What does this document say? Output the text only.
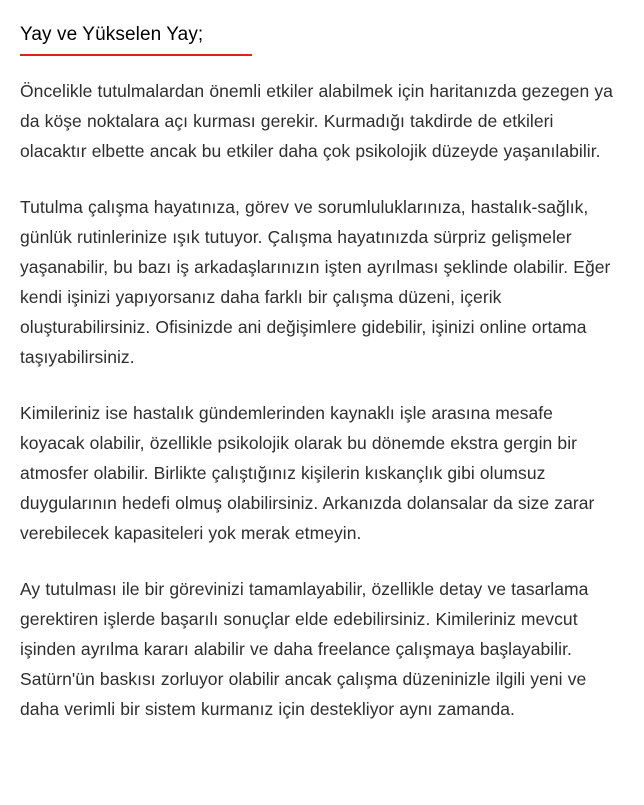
Yay ve Yükselen Yay;

Öncelikle tutulmalardan önemli etkiler alabilmek için haritanızda gezegen ya da köşe noktalara açı kurması gerekir. Kurmadığı takdirde de etkileri olacaktır elbette ancak bu etkiler daha çok psikolojik düzeyde yaşanılabilir.

Tutulma çalışma hayatınıza, görev ve sorumluluklarınıza, hastalık-sağlık, günlük rutinlerinize ışık tutuyor. Çalışma hayatınızda sürpriz gelişmeler yaşanabilir, bu bazı iş arkadaşlarınızın işten ayrılması şeklinde olabilir. Eğer kendi işinizi yapıyorsanız daha farklı bir çalışma düzeni, içerik oluşturabilirsiniz. Ofisinizde ani değişimlere gidebilir, işinizi online ortama taşıyabilirsiniz.

Kimileriniz ise hastalık gündemlerinden kaynaklı işle arasına mesafe koyacak olabilir, özellikle psikolojik olarak bu dönemde ekstra gergin bir atmosfer olabilir. Birlikte çalıştığınız kişilerin kıskançlık gibi olumsuz duygularının hedefi olmuş olabilirsiniz. Arkanızda dolansalar da size zarar verebilecek kapasiteleri yok merak etmeyin.

Ay tutulması ile bir görevinizi tamamlayabilir, özellikle detay ve tasarlama gerektiren işlerde başarılı sonuçlar elde edebilirsiniz. Kimileriniz mevcut işinden ayrılma kararı alabilir ve daha freelance çalışmaya başlayabilir. Satürn'ün baskısı zorluyor olabilir ancak çalışma düzeninizle ilgili yeni ve daha verimli bir sistem kurmanız için destekliyor aynı zamanda.
